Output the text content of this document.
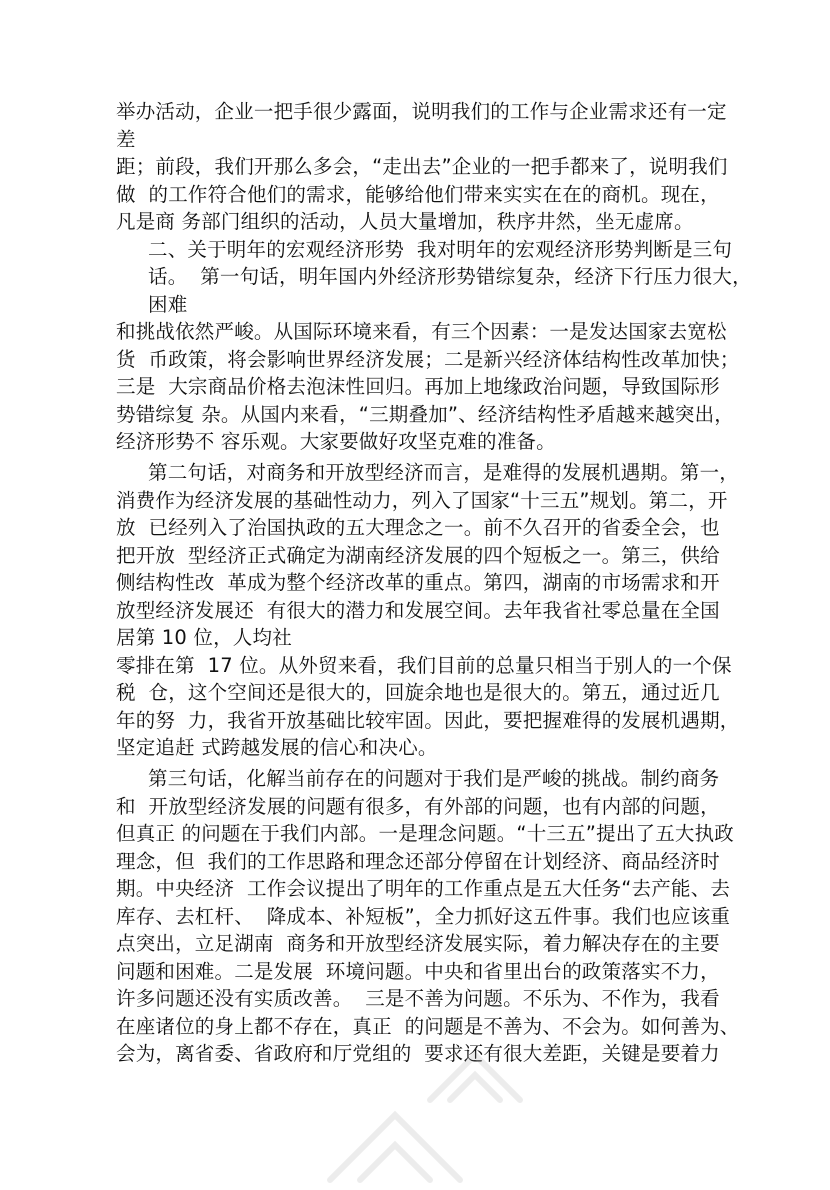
举办活动，企业一把手很少露面，说明我们的工作与企业需求还有一定
差
距；前段，我们开那么多会，“走出去”企业的一把手都来了，说明我们
做  的工作符合他们的需求，能够给他们带来实实在在的商机。现在，
凡是商 务部门组织的活动，人员大量增加，秩序井然，坐无虚席。
二、关于明年的宏观经济形势  我对明年的宏观经济形势判断是三句
话。  第一句话，明年国内外经济形势错综复杂，经济下行压力很大，
困难
和挑战依然严峻。从国际环境来看，有三个因素：一是发达国家去宽松
货  币政策，将会影响世界经济发展；二是新兴经济体结构性改革加快；
三是  大宗商品价格去泡沫性回归。再加上地缘政治问题，导致国际形
势错综复 杂。从国内来看，“三期叠加”、经济结构性矛盾越来越突出，
经济形势不 容乐观。大家要做好攻坚克难的准备。
第二句话，对商务和开放型经济而言，是难得的发展机遇期。第一，
消费作为经济发展的基础性动力，列入了国家“十三五”规划。第二，开
放  已经列入了治国执政的五大理念之一。前不久召开的省委全会，也
把开放  型经济正式确定为湖南经济发展的四个短板之一。第三，供给
侧结构性改  革成为整个经济改革的重点。第四，湖南的市场需求和开
放型经济发展还  有很大的潜力和发展空间。去年我省社零总量在全国
居第 10 位，人均社
零排在第  17 位。从外贸来看，我们目前的总量只相当于别人的一个保
税  仓，这个空间还是很大的，回旋余地也是很大的。第五，通过近几
年的努  力，我省开放基础比较牢固。因此，要把握难得的发展机遇期，
坚定追赶 式跨越发展的信心和决心。
第三句话，化解当前存在的问题对于我们是严峻的挑战。制约商务
和  开放型经济发展的问题有很多，有外部的问题，也有内部的问题，
但真正 的问题在于我们内部。一是理念问题。“十三五”提出了五大执政
理念，但  我们的工作思路和理念还部分停留在计划经济、商品经济时
期。中央经济  工作会议提出了明年的工作重点是五大任务“去产能、去
库存、去杠杆、  降成本、补短板”，全力抓好这五件事。我们也应该重
点突出，立足湖南  商务和开放型经济发展实际，着力解决存在的主要
问题和困难。二是发展  环境问题。中央和省里出台的政策落实不力，
许多问题还没有实质改善。  三是不善为问题。不乐为、不作为，我看
在座诸位的身上都不存在，真正  的问题是不善为、不会为。如何善为、
会为，离省委、省政府和厅党组的  要求还有很大差距，关键是要着力
